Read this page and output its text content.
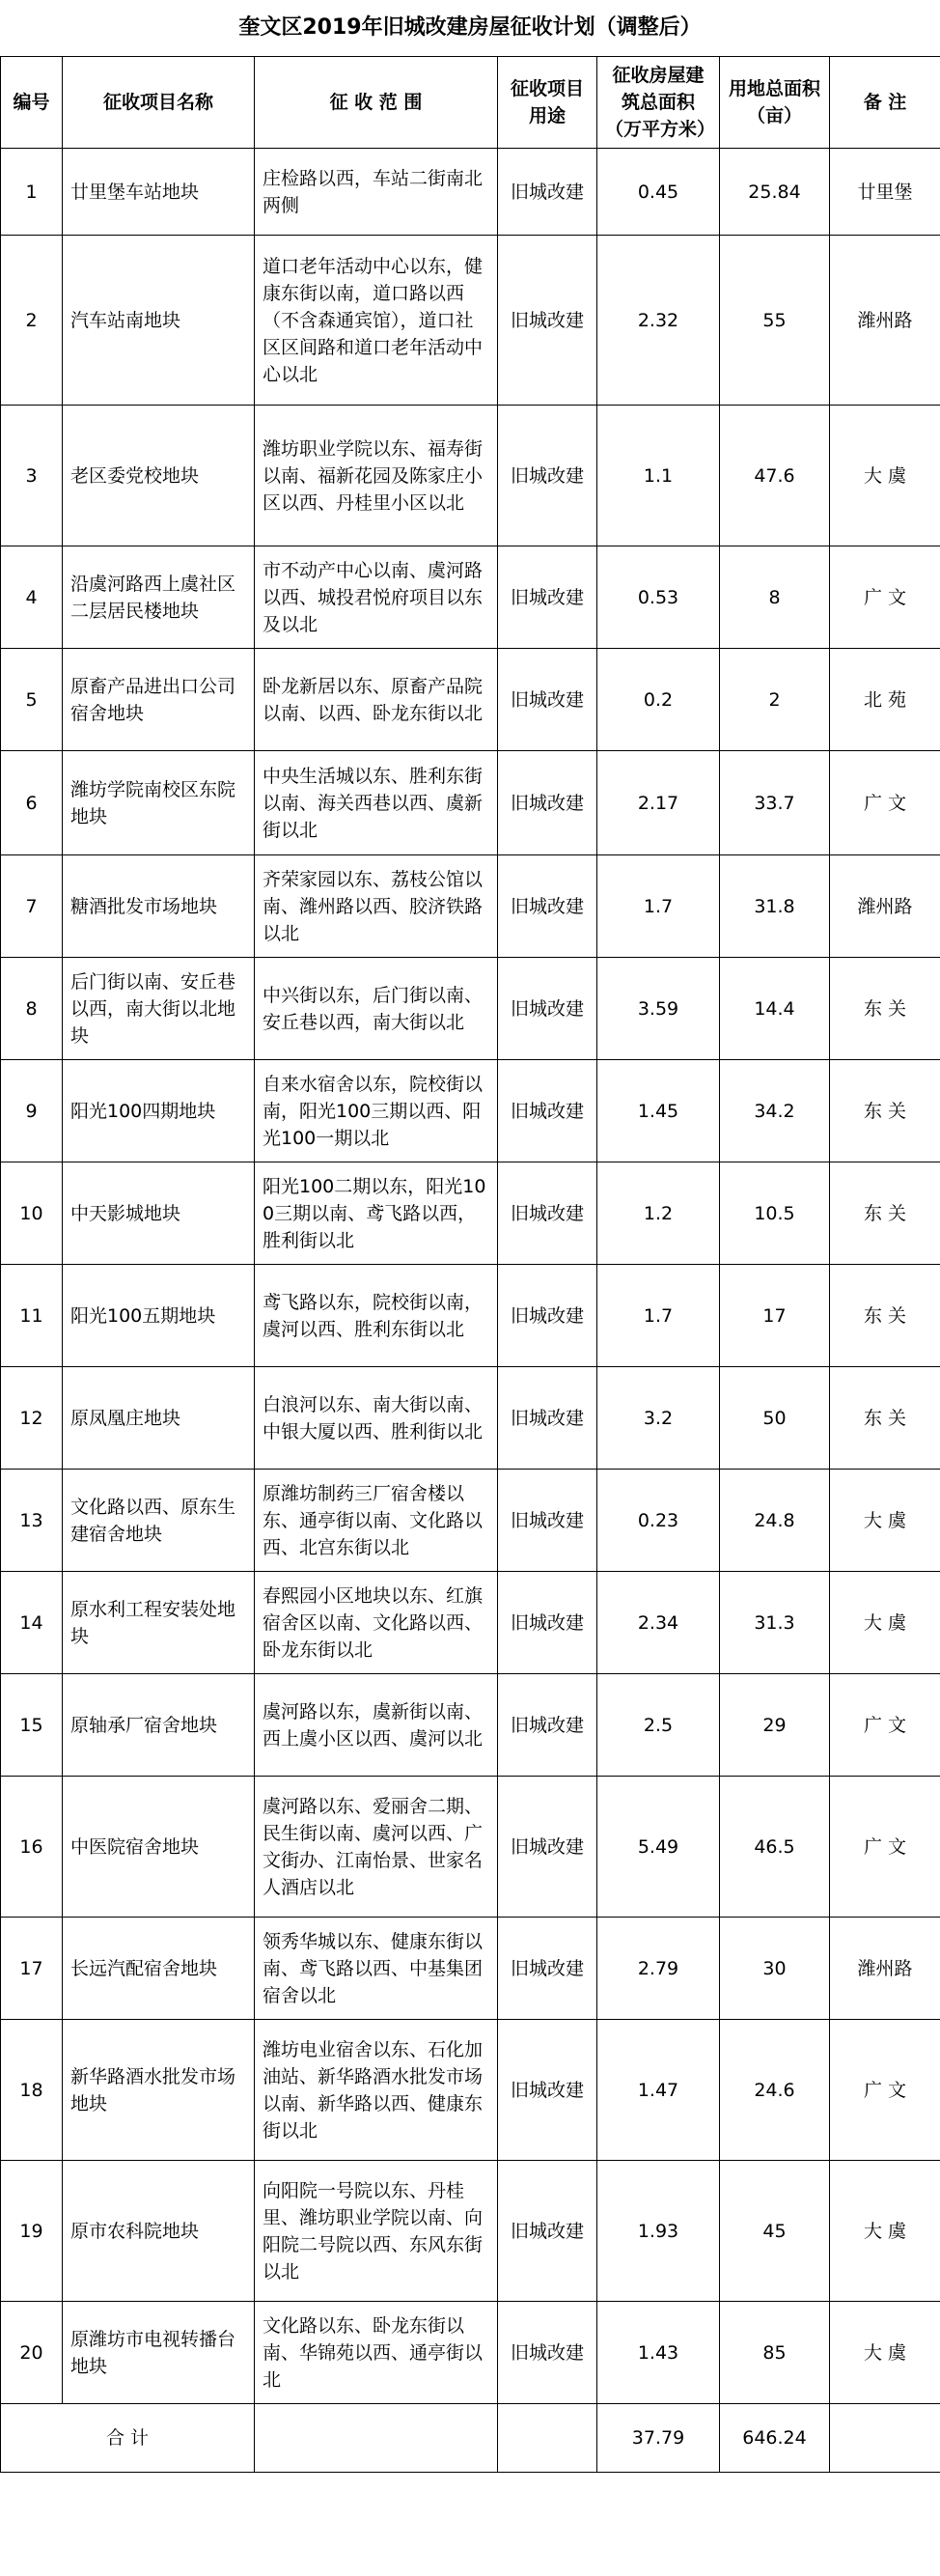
奎文区2019年旧城改建房屋征收计划（调整后）
编号	征收项目名称	征 收 范 围	征收项目用途	征收房屋建筑总面积（万平方米）	用地总面积（亩）	备 注
1	廿里堡车站地块	庄检路以西，车站二街南北两侧	旧城改建	0.45	25.84	廿里堡
2	汽车站南地块	道口老年活动中心以东，健康东街以南，道口路以西（不含森通宾馆），道口社区区间路和道口老年活动中心以北	旧城改建	2.32	55	潍州路
3	老区委党校地块	潍坊职业学院以东、福寿街以南、福新花园及陈家庄小区以西、丹桂里小区以北	旧城改建	1.1	47.6	大 虞
4	沿虞河路西上虞社区二层居民楼地块	市不动产中心以南、虞河路以西、城投君悦府项目以东及以北	旧城改建	0.53	8	广 文
5	原畜产品进出口公司宿舍地块	卧龙新居以东、原畜产品院以南、以西、卧龙东街以北	旧城改建	0.2	2	北 苑
6	潍坊学院南校区东院地块	中央生活城以东、胜利东街以南、海关西巷以西、虞新街以北	旧城改建	2.17	33.7	广 文
7	糖酒批发市场地块	齐荣家园以东、荔枝公馆以南、潍州路以西、胶济铁路以北	旧城改建	1.7	31.8	潍州路
8	后门街以南、安丘巷以西，南大街以北地块	中兴街以东，后门街以南、安丘巷以西，南大街以北	旧城改建	3.59	14.4	东 关
9	阳光100四期地块	自来水宿舍以东，院校街以南，阳光100三期以西、阳光100一期以北	旧城改建	1.45	34.2	东 关
10	中天影城地块	阳光100二期以东，阳光100三期以南、鸢飞路以西，胜利街以北	旧城改建	1.2	10.5	东 关
11	阳光100五期地块	鸢飞路以东，院校街以南，虞河以西、胜利东街以北	旧城改建	1.7	17	东 关
12	原凤凰庄地块	白浪河以东、南大街以南、中银大厦以西、胜利街以北	旧城改建	3.2	50	东 关
13	文化路以西、原东生建宿舍地块	原潍坊制药三厂宿舍楼以东、通亭街以南、文化路以西、北宫东街以北	旧城改建	0.23	24.8	大 虞
14	原水利工程安装处地块	春熙园小区地块以东、红旗宿舍区以南、文化路以西、卧龙东街以北	旧城改建	2.34	31.3	大 虞
15	原轴承厂宿舍地块	虞河路以东，虞新街以南、西上虞小区以西、虞河以北	旧城改建	2.5	29	广 文
16	中医院宿舍地块	虞河路以东、爱丽舍二期、民生街以南、虞河以西、广文街办、江南怡景、世家名人酒店以北	旧城改建	5.49	46.5	广 文
17	长远汽配宿舍地块	领秀华城以东、健康东街以南、鸢飞路以西、中基集团宿舍以北	旧城改建	2.79	30	潍州路
18	新华路酒水批发市场地块	潍坊电业宿舍以东、石化加油站、新华路酒水批发市场以南、新华路以西、健康东街以北	旧城改建	1.47	24.6	广 文
19	原市农科院地块	向阳院一号院以东、丹桂里、潍坊职业学院以南、向阳院二号院以西、东风东街以北	旧城改建	1.93	45	大 虞
20	原潍坊市电视转播台地块	文化路以东、卧龙东街以南、华锦苑以西、通亭街以北	旧城改建	1.43	85	大 虞
合 计				37.79	646.24	
